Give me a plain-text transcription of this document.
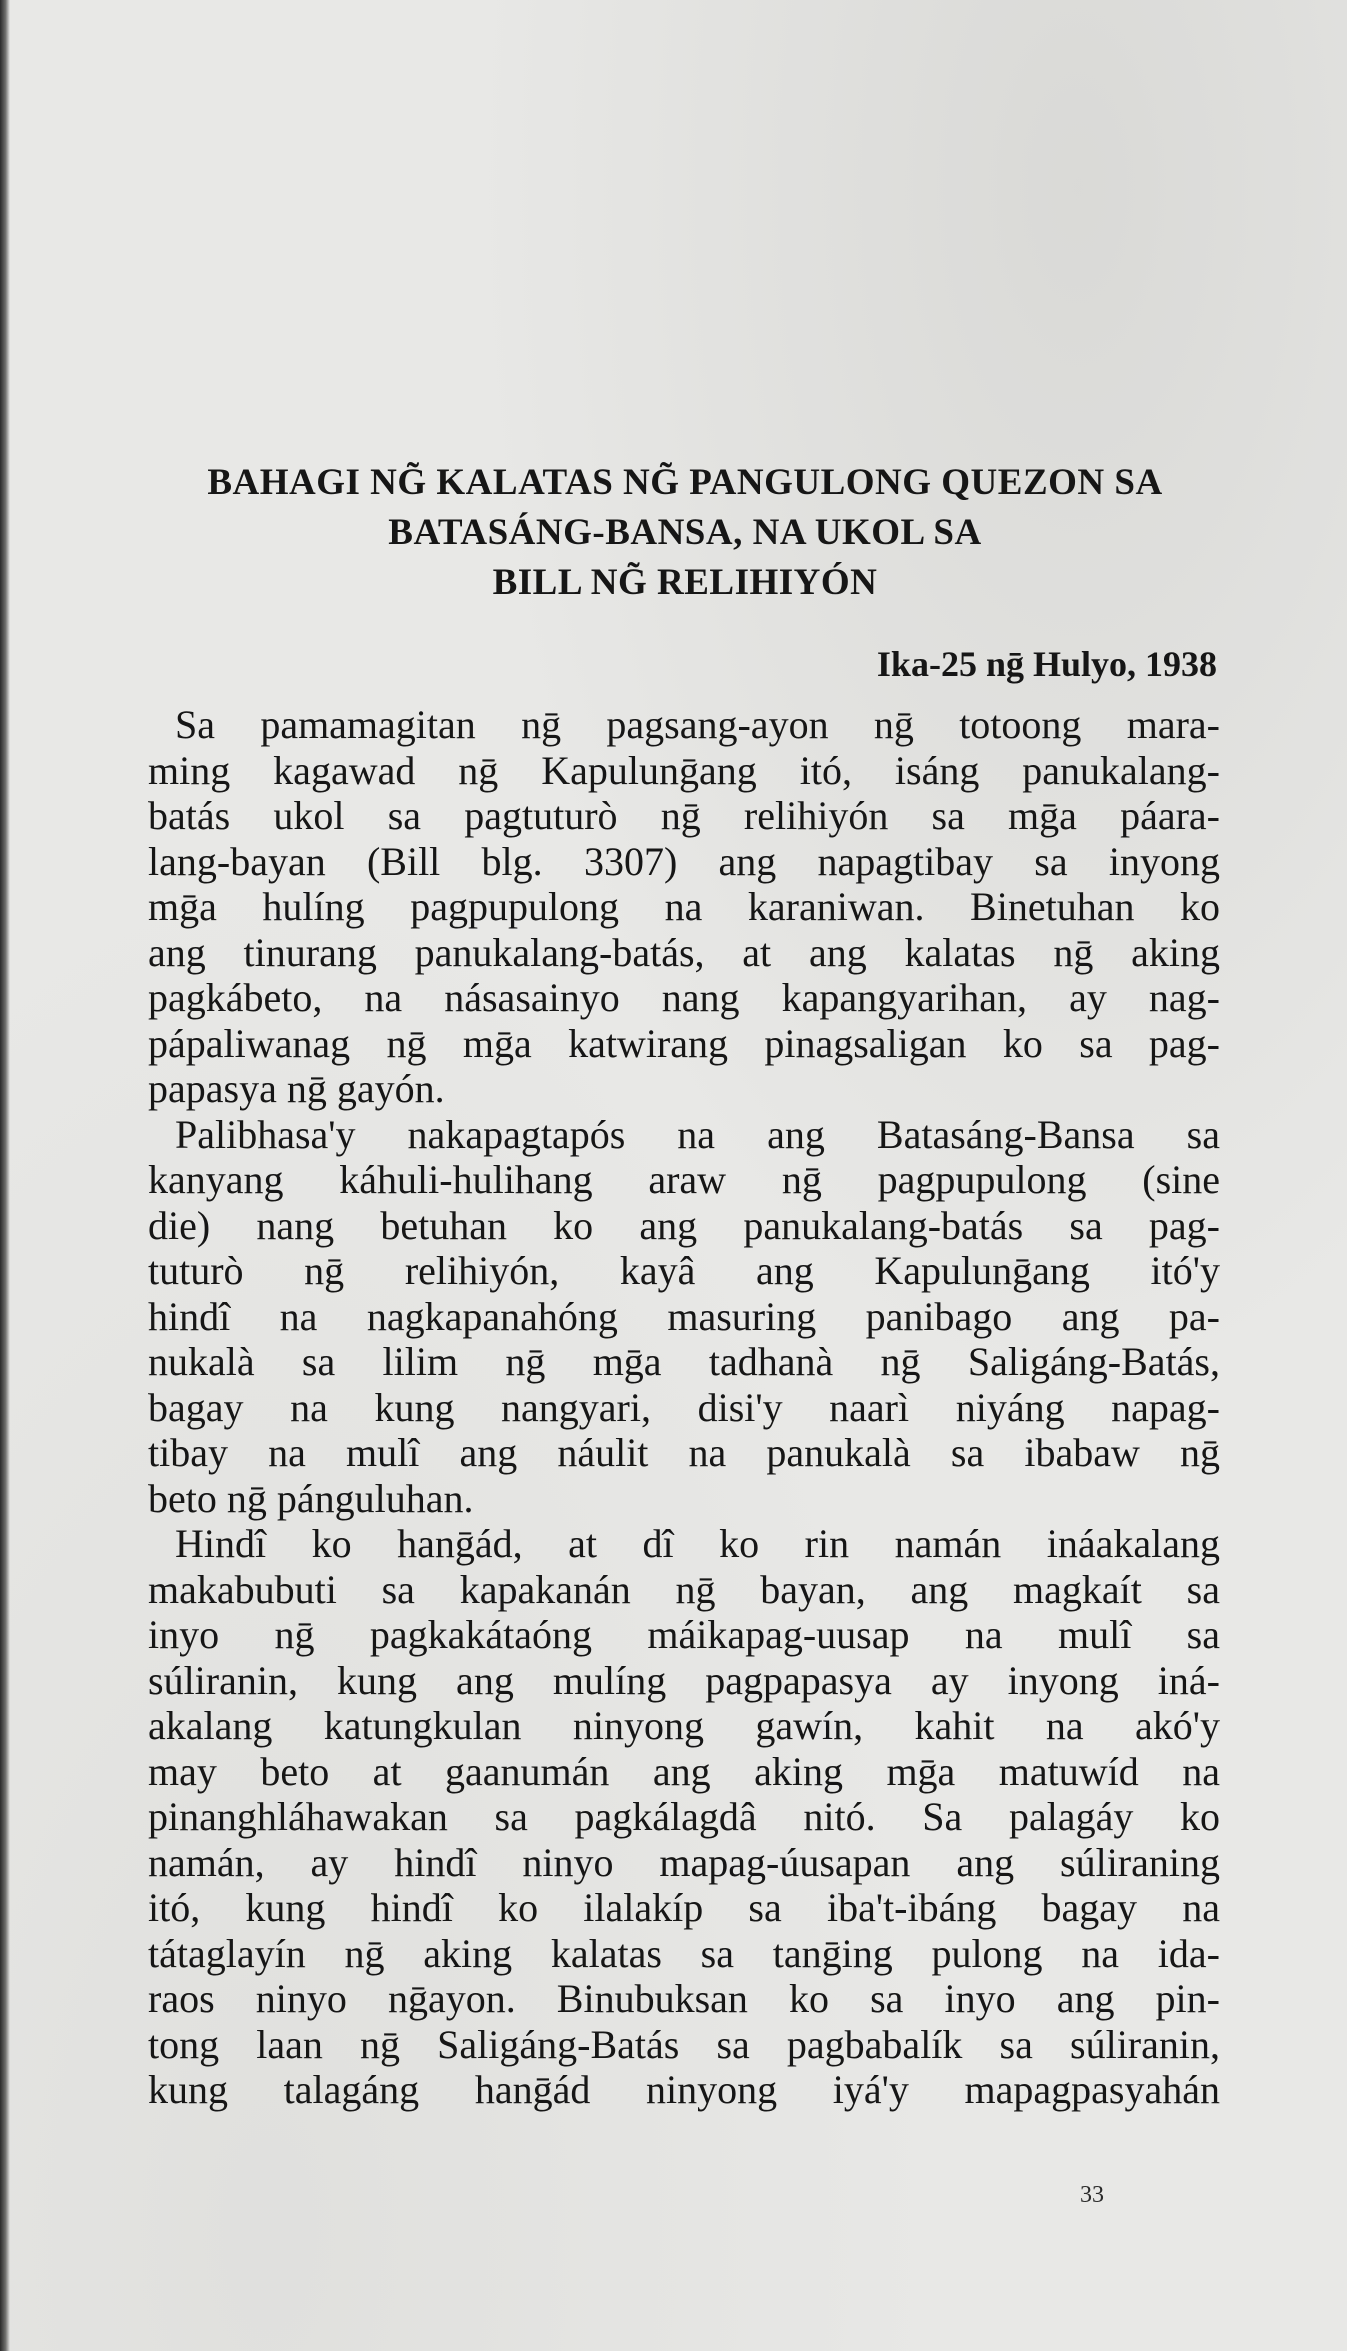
BAHAGI NG̃ KALATAS NG̃ PANGULONG QUEZON SA
BATASÁNG-BANSA, NA UKOL SA
BILL NG̃ RELIHIYÓN
Ika-25 nḡ Hulyo, 1938
Sa pamamagitan nḡ pagsang-ayon nḡ totoong mara-
ming kagawad nḡ Kapulunḡang itó, isáng panukalang-
batás ukol sa pagtuturò nḡ relihiyón sa mḡa páara-
lang-bayan (Bill blg. 3307) ang napagtibay sa inyong
mḡa hulíng pagpupulong na karaniwan. Binetuhan ko
ang tinurang panukalang-batás, at ang kalatas nḡ aking
pagkábeto, na násasainyo nang kapangyarihan, ay nag-
pápaliwanag nḡ mḡa katwirang pinagsaligan ko sa pag-
papasya nḡ gayón.
Palibhasa'y nakapagtapós na ang Batasáng-Bansa sa
kanyang káhuli-hulihang araw nḡ pagpupulong (sine
die) nang betuhan ko ang panukalang-batás sa pag-
tuturò nḡ relihiyón, kayâ ang Kapulunḡang itó'y
hindî na nagkapanahóng masuring panibago ang pa-
nukalà sa lilim nḡ mḡa tadhanà nḡ Saligáng-Batás,
bagay na kung nangyari, disi'y naarì niyáng napag-
tibay na mulî ang náulit na panukalà sa ibabaw nḡ
beto nḡ pánguluhan.
Hindî ko hanḡád, at dî ko rin namán ináakalang
makabubuti sa kapakanán nḡ bayan, ang magkaít sa
inyo nḡ pagkakátaóng máikapag-uusap na mulî sa
súliranin, kung ang mulíng pagpapasya ay inyong iná-
akalang katungkulan ninyong gawín, kahit na akó'y
may beto at gaanumán ang aking mḡa matuwíd na
pinanghláhawakan sa pagkálagdâ nitó. Sa palagáy ko
namán, ay hindî ninyo mapag-úusapan ang súliraning
itó, kung hindî ko ilalakíp sa iba't-ibáng bagay na
tátaglayín nḡ aking kalatas sa tanḡing pulong na ida-
raos ninyo nḡayon. Binubuksan ko sa inyo ang pin-
tong laan nḡ Saligáng-Batás sa pagbabalík sa súliranin,
kung talagáng hanḡád ninyong iyá'y mapagpasyahán
33
